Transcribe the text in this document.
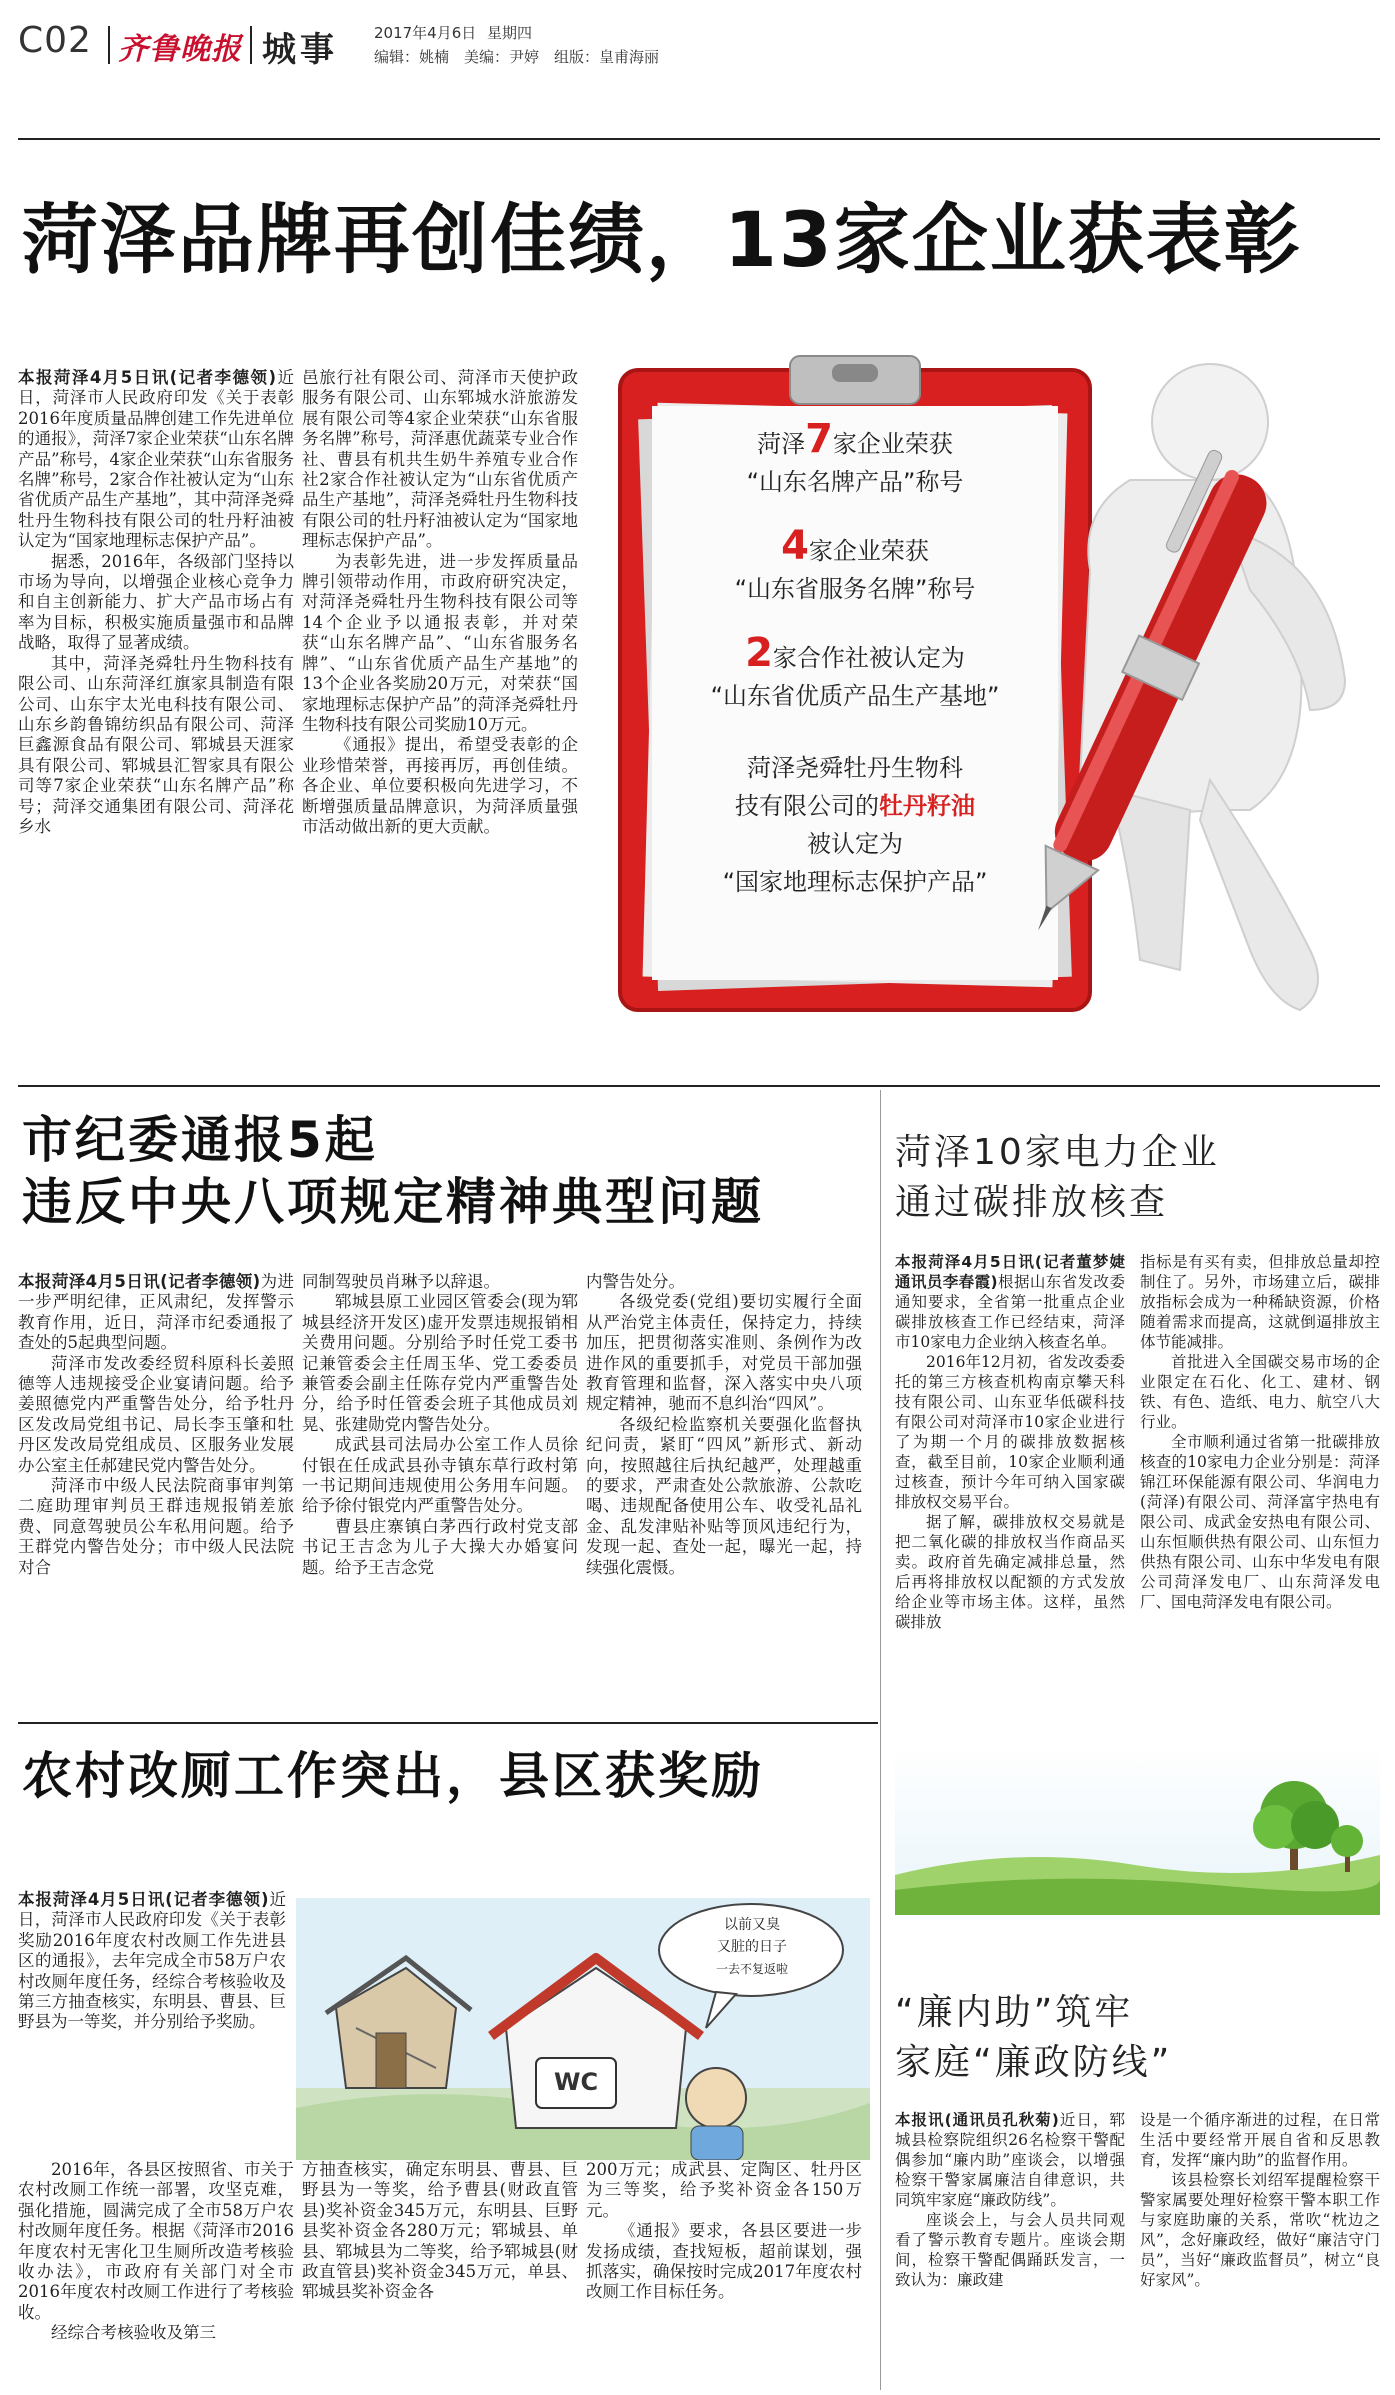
C02 齐鲁晚报 城事 2017年4月6日 星期四
编辑：姚楠　美编：尹婷　组版：皇甫海丽
菏泽品牌再创佳绩，13家企业获表彰

本报菏泽4月5日讯(记者李德领)近日，菏泽市人民政府印发《关于表彰2016年度质量品牌创建工作先进单位的通报》，菏泽7家企业荣获“山东名牌产品”称号，4家企业荣获“山东省服务名牌”称号，2家合作社被认定为“山东省优质产品生产基地”，其中菏泽尧舜牡丹生物科技有限公司的牡丹籽油被认定为“国家地理标志保护产品”。

据悉，2016年，各级部门坚持以市场为导向，以增强企业核心竞争力和自主创新能力、扩大产品市场占有率为目标，积极实施质量强市和品牌战略，取得了显著成绩。

其中，菏泽尧舜牡丹生物科技有限公司、山东菏泽红旗家具制造有限公司、山东宇太光电科技有限公司、山东乡韵鲁锦纺织品有限公司、菏泽巨鑫源食品有限公司、郓城县天涯家具有限公司、郓城县汇智家具有限公司等7家企业荣获“山东名牌产品”称号；菏泽交通集团有限公司、菏泽花乡水

邑旅行社有限公司、菏泽市天使护政服务有限公司、山东郓城水浒旅游发展有限公司等4家企业荣获“山东省服务名牌”称号，菏泽惠优蔬菜专业合作社、曹县有机共生奶牛养殖专业合作社2家合作社被认定为“山东省优质产品生产基地”，菏泽尧舜牡丹生物科技有限公司的牡丹籽油被认定为“国家地理标志保护产品”。

为表彰先进，进一步发挥质量品牌引领带动作用，市政府研究决定，对菏泽尧舜牡丹生物科技有限公司等14个企业予以通报表彰，并对荣获“山东名牌产品”、“山东省服务名牌”、“山东省优质产品生产基地”的13个企业各奖励20万元，对荣获“国家地理标志保护产品”的菏泽尧舜牡丹生物科技有限公司奖励10万元。

《通报》提出，希望受表彰的企业珍惜荣誉，再接再厉，再创佳绩。各企业、单位要积极向先进学习，不断增强质量品牌意识，为菏泽质量强市活动做出新的更大贡献。

菏泽7家企业荣获
“山东名牌产品”称号
4家企业荣获
“山东省服务名牌”称号
2家合作社被认定为
“山东省优质产品生产基地”
菏泽尧舜牡丹生物科
技有限公司的牡丹籽油
被认定为
“国家地理标志保护产品”
市纪委通报5起
违反中央八项规定精神典型问题

本报菏泽4月5日讯(记者李德领)为进一步严明纪律，正风肃纪，发挥警示教育作用，近日，菏泽市纪委通报了查处的5起典型问题。

菏泽市发改委经贸科原科长姜照德等人违规接受企业宴请问题。给予姜照德党内严重警告处分，给予牡丹区发改局党组书记、局长李玉肇和牡丹区发改局党组成员、区服务业发展办公室主任郝建民党内警告处分。

菏泽市中级人民法院商事审判第二庭助理审判员王群违规报销差旅费、同意驾驶员公车私用问题。给予王群党内警告处分；市中级人民法院对合

同制驾驶员肖琳予以辞退。

郓城县原工业园区管委会(现为郓城县经济开发区)虚开发票违规报销相关费用问题。分别给予时任党工委书记兼管委会主任周玉华、党工委委员兼管委会副主任陈存党内严重警告处分，给予时任管委会班子其他成员刘晃、张建勋党内警告处分。

成武县司法局办公室工作人员徐付银在任成武县孙寺镇东草行政村第一书记期间违规使用公务用车问题。给予徐付银党内严重警告处分。

曹县庄寨镇白茅西行政村党支部书记王吉念为儿子大操大办婚宴问题。给予王吉念党

内警告处分。

各级党委(党组)要切实履行全面从严治党主体责任，保持定力，持续加压，把贯彻落实准则、条例作为改进作风的重要抓手，对党员干部加强教育管理和监督，深入落实中央八项规定精神，驰而不息纠治“四风”。

各级纪检监察机关要强化监督执纪问责，紧盯“四风”新形式、新动向，按照越往后执纪越严，处理越重的要求，严肃查处公款旅游、公款吃喝、违规配备使用公车、收受礼品礼金、乱发津贴补贴等顶风违纪行为，发现一起、查处一起，曝光一起，持续强化震慑。

农村改厕工作突出，县区获奖励

本报菏泽4月5日讯(记者李德领)近日，菏泽市人民政府印发《关于表彰奖励2016年度农村改厕工作先进县区的通报》，去年完成全市58万户农村改厕年度任务，经综合考核验收及第三方抽查核实，东明县、曹县、巨野县为一等奖，并分别给予奖励。

2016年，各县区按照省、市关于农村改厕工作统一部署，攻坚克难，强化措施，圆满完成了全市58万户农村改厕年度任务。根据《菏泽市2016年度农村无害化卫生厕所改造考核验收办法》，市政府有关部门对全市2016年度农村改厕工作进行了考核验收。

经综合考核验收及第三

WC
以前又臭
又脏的日子
一去不复返啦

方抽查核实，确定东明县、曹县、巨野县为一等奖，给予曹县(财政直管县)奖补资金345万元，东明县、巨野县奖补资金各280万元；郓城县、单县、郓城县为二等奖，给予郓城县(财政直管县)奖补资金345万元，单县、郓城县奖补资金各

200万元；成武县、定陶区、牡丹区为三等奖，给予奖补资金各150万元。

《通报》要求，各县区要进一步发扬成绩，查找短板，超前谋划，强抓落实，确保按时完成2017年度农村改厕工作目标任务。

菏泽10家电力企业
通过碳排放核查

本报菏泽4月5日讯(记者董梦婕 通讯员李春霞)根据山东省发改委通知要求，全省第一批重点企业碳排放核查工作已经结束，菏泽市10家电力企业纳入核查名单。

2016年12月初，省发改委委托的第三方核查机构南京攀天科技有限公司、山东亚华低碳科技有限公司对菏泽市10家企业进行了为期一个月的碳排放数据核查，截至目前，10家企业顺利通过核查，预计今年可纳入国家碳排放权交易平台。

据了解，碳排放权交易就是把二氧化碳的排放权当作商品买卖。政府首先确定减排总量，然后再将排放权以配额的方式发放给企业等市场主体。这样，虽然碳排放

指标是有买有卖，但排放总量却控制住了。另外，市场建立后，碳排放指标会成为一种稀缺资源，价格随着需求而提高，这就倒逼排放主体节能减排。

首批进入全国碳交易市场的企业限定在石化、化工、建材、钢铁、有色、造纸、电力、航空八大行业。

全市顺利通过省第一批碳排放核查的10家电力企业分别是：菏泽锦江环保能源有限公司、华润电力(菏泽)有限公司、菏泽富宇热电有限公司、成武金安热电有限公司、山东恒顺供热有限公司、山东恒力供热有限公司、山东中华发电有限公司菏泽发电厂、山东菏泽发电厂、国电菏泽发电有限公司。

“廉内助”筑牢
家庭“廉政防线”

本报讯(通讯员孔秋菊)近日，郓城县检察院组织26名检察干警配偶参加“廉内助”座谈会，以增强检察干警家属廉洁自律意识，共同筑牢家庭“廉政防线”。

座谈会上，与会人员共同观看了警示教育专题片。座谈会期间，检察干警配偶踊跃发言，一致认为：廉政建

设是一个循序渐进的过程，在日常生活中要经常开展自省和反思教育，发挥“廉内助”的监督作用。

该县检察长刘绍军提醒检察干警家属要处理好检察干警本职工作与家庭助廉的关系，常吹“枕边之风”，念好廉政经，做好“廉洁守门员”，当好“廉政监督员”，树立“良好家风”。
